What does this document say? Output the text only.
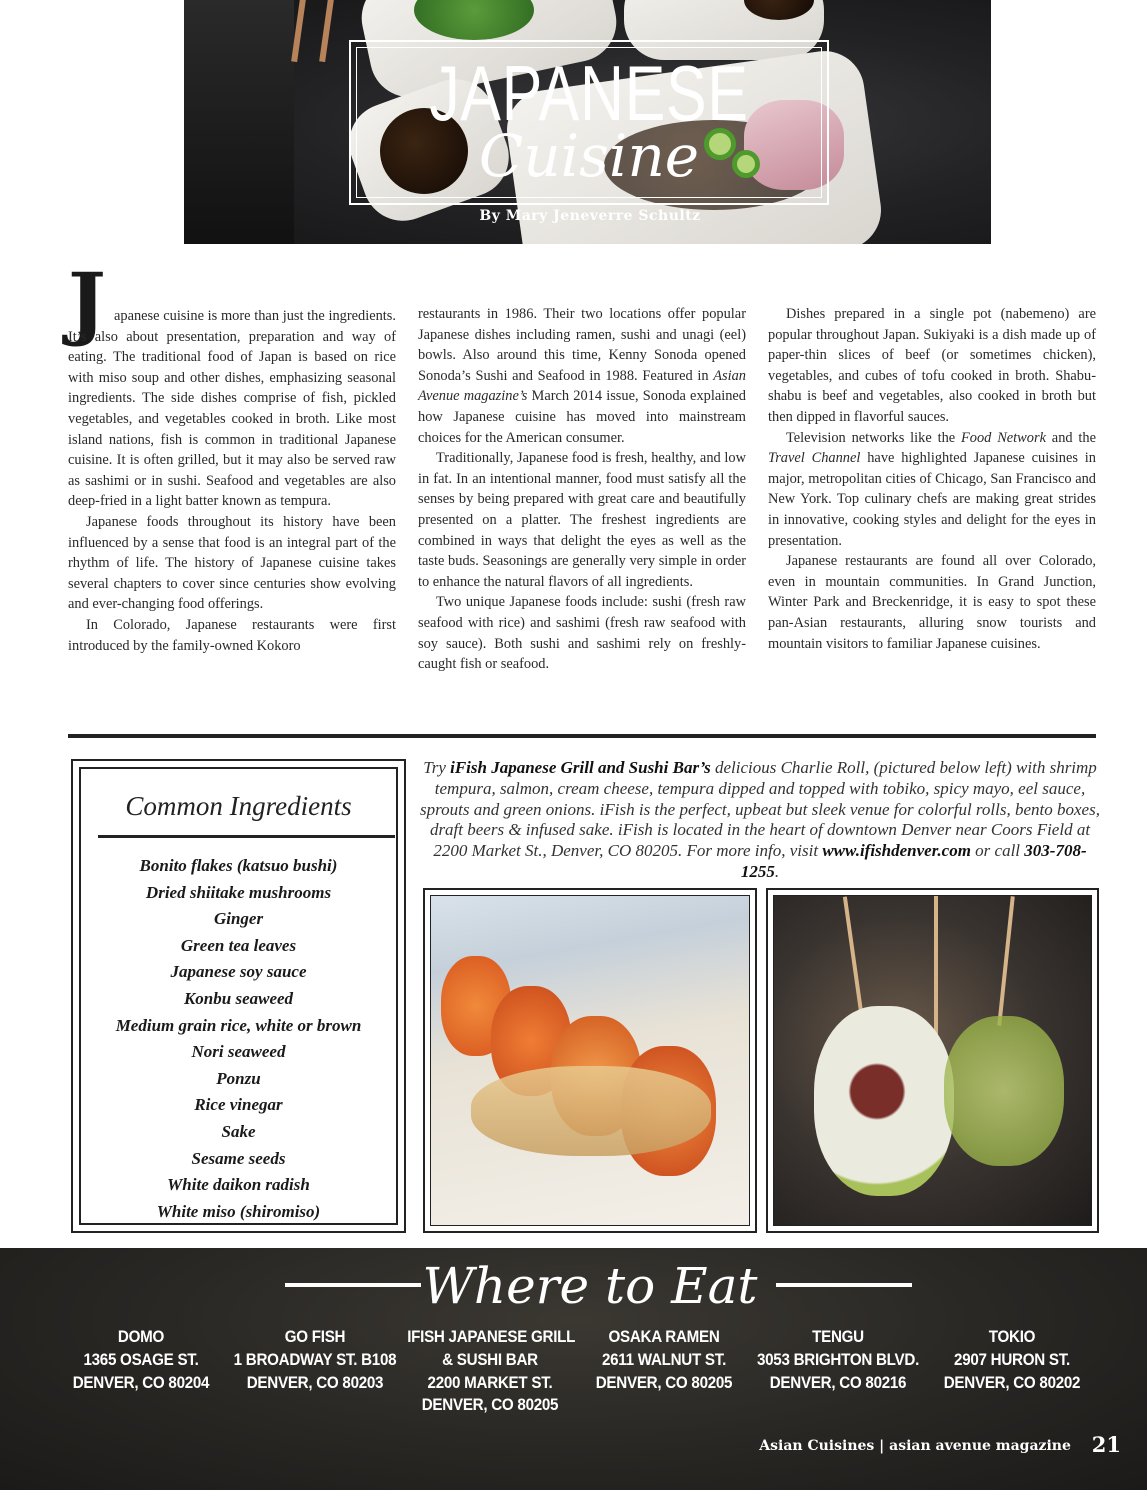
JAPANESE
Cuisine
By Mary Jeneverre Schultz
J apanese cuisine is more than just the ingredients. It’s also about presentation, preparation and way of eating. The traditional food of Japan is based on rice with miso soup and other dishes, emphasizing seasonal ingredients. The side dishes comprise of fish, pickled vegetables, and vegetables cooked in broth. Like most island nations, fish is common in traditional Japanese cuisine. It is often grilled, but it may also be served raw as sashimi or in sushi. Seafood and vegetables are also deep-fried in a light batter known as tempura.

Japanese foods throughout its history have been influenced by a sense that food is an integral part of the rhythm of life. The history of Japanese cuisine takes several chapters to cover since centuries show evolving and ever-changing food offerings.

In Colorado, Japanese restaurants were first introduced by the family-owned Kokoro

restaurants in 1986. Their two locations offer popular Japanese dishes including ramen, sushi and unagi (eel) bowls. Also around this time, Kenny Sonoda opened Sonoda’s Sushi and Seafood in 1988. Featured in Asian Avenue magazine’s March 2014 issue, Sonoda explained how Japanese cuisine has moved into mainstream choices for the American consumer.

Traditionally, Japanese food is fresh, healthy, and low in fat. In an intentional manner, food must satisfy all the senses by being prepared with great care and beautifully presented on a platter. The freshest ingredients are combined in ways that delight the eyes as well as the taste buds. Seasonings are generally very simple in order to enhance the natural flavors of all ingredients.

Two unique Japanese foods include: sushi (fresh raw seafood with rice) and sashimi (fresh raw seafood with soy sauce). Both sushi and sashimi rely on freshly-caught fish or seafood.

Dishes prepared in a single pot (nabemeno) are popular throughout Japan. Sukiyaki is a dish made up of paper-thin slices of beef (or sometimes chicken), vegetables, and cubes of tofu cooked in broth. Shabu-shabu is beef and vegetables, also cooked in broth but then dipped in flavorful sauces.

Television networks like the Food Network and the Travel Channel have highlighted Japanese cuisines in major, metropolitan cities of Chicago, San Francisco and New York. Top culinary chefs are making great strides in innovative, cooking styles and delight for the eyes in presentation.

Japanese restaurants are found all over Colorado, even in mountain communities. In Grand Junction, Winter Park and Breckenridge, it is easy to spot these pan-Asian restaurants, alluring snow tourists and mountain visitors to familiar Japanese cuisines.

Common Ingredients
Bonito flakes (katsuo bushi)
Dried shiitake mushrooms
Ginger
Green tea leaves
Japanese soy sauce
Konbu seaweed
Medium grain rice, white or brown
Nori seaweed
Ponzu
Rice vinegar
Sake
Sesame seeds
White daikon radish
White miso (shiromiso)
Try iFish Japanese Grill and Sushi Bar’s delicious Charlie Roll, (pictured below left) with shrimp tempura, salmon, cream cheese, tempura dipped and topped with tobiko, spicy mayo, eel sauce, sprouts and green onions. iFish is the perfect, upbeat but sleek venue for colorful rolls, bento boxes, draft beers & infused sake. iFish is located in the heart of downtown Denver near Coors Field at 2200 Market St., Denver, CO 80205. For more info, visit www.ifishdenver.com or call 303-708-1255.
Where to Eat
DOMO
1365 OSAGE ST.
DENVER, CO 80204
GO FISH
1 BROADWAY ST. B108
DENVER, CO 80203
IFISH JAPANESE GRILL
& SUSHI BAR
2200 MARKET ST.
DENVER, CO 80205
OSAKA RAMEN
2611 WALNUT ST.
DENVER, CO 80205
TENGU
3053 BRIGHTON BLVD.
DENVER, CO 80216
TOKIO
2907 HURON ST.
DENVER, CO 80202
Asian Cuisines | asian avenue magazine 21
